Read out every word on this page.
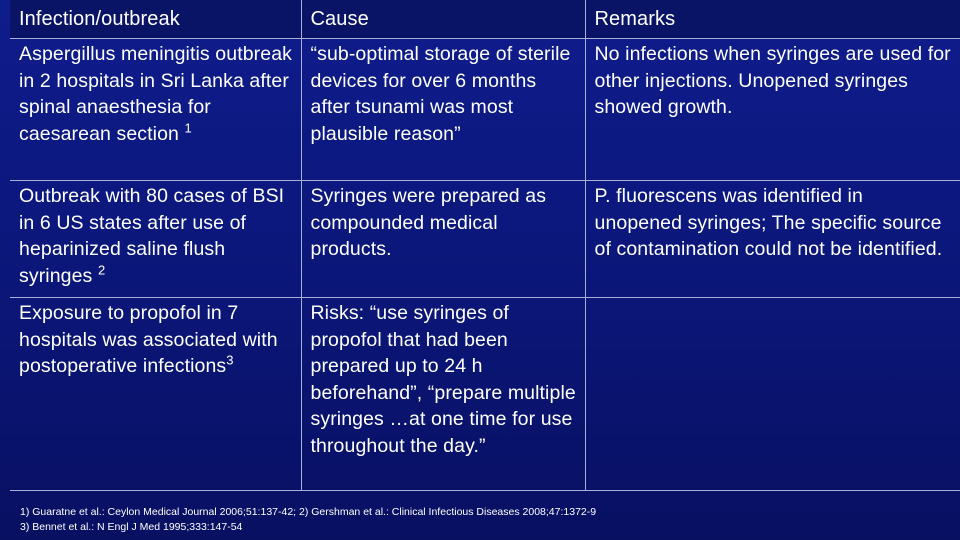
Infection/outbreak	Cause	Remarks
Aspergillus meningitis outbreak in 2 hospitals in Sri Lanka after spinal anaesthesia for caesarean section $^1$	“sub-optimal storage of sterile devices for over 6 months after tsunami was most plausible reason”	No infections when syringes are used for other injections. Unopened syringes showed growth.
Outbreak with 80 cases of BSI in 6 US states after use of heparinized saline flush syringes $^2$	Syringes were prepared as compounded medical products.	P. fluorescens was identified in unopened syringes; The specific source of contamination could not be identified.
Exposure to propofol in 7 hospitals was associated with postoperative infections$^3$	Risks: “use syringes of propofol that had been prepared up to 24 h beforehand”, “prepare multiple syringes …at one time for use throughout the day.”	
1) Guaratne et al.: Ceylon Medical Journal 2006;51:137-42; 2) Gershman et al.: Clinical Infectious Diseases 2008;47:1372-9
3) Bennet et al.: N Engl J Med 1995;333:147-54
